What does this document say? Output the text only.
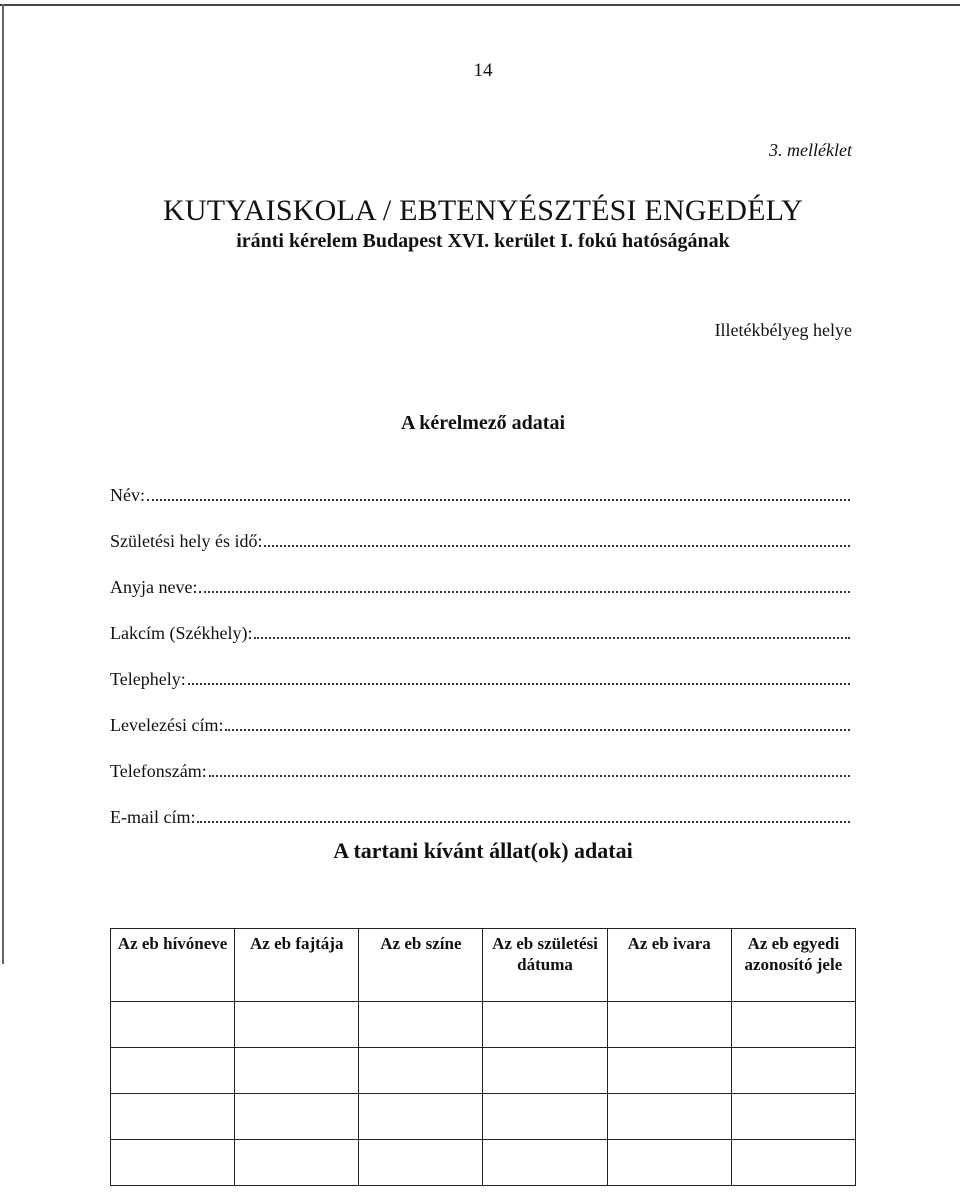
14
3. melléklet
KUTYAISKOLA / EBTENYÉSZTÉSI ENGEDÉLY
iránti kérelem Budapest XVI. kerület I. fokú hatóságának
Illetékbélyeg helye
A kérelmező adatai
Név:
Születési hely és idő:
Anyja neve:
Lakcím (Székhely):
Telephely:
Levelezési cím:
Telefonszám:
E-mail cím:
A tartani kívánt állat(ok) adatai
Az eb hívóneve	Az eb fajtája	Az eb színe	Az eb születési dátuma	Az eb ivara	Az eb egyedi azonosító jele
